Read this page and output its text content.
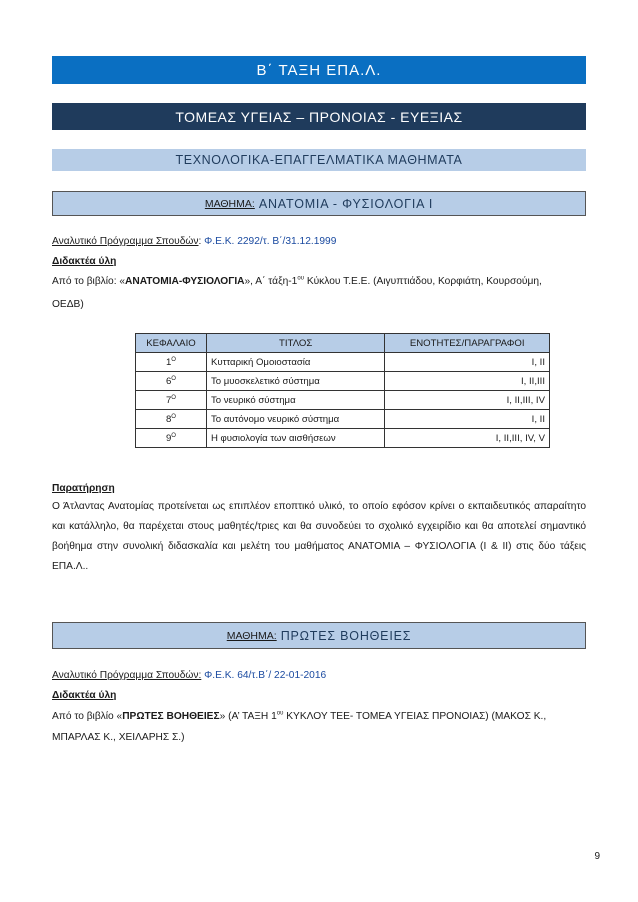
Β΄ ΤΑΞΗ ΕΠΑ.Λ.
ΤΟΜΕΑΣ ΥΓΕΙΑΣ – ΠΡΟΝΟΙΑΣ - ΕΥΕΞΙΑΣ
ΤΕΧΝΟΛΟΓΙΚΑ-ΕΠΑΓΓΕΛΜΑΤΙΚΑ ΜΑΘΗΜΑΤΑ
ΜΑΘΗΜΑ: ΑΝΑΤΟΜΙΑ - ΦΥΣΙΟΛΟΓΙΑ Ι
Αναλυτικό Πρόγραμμα Σπουδών: Φ.Ε.Κ. 2292/τ. Β΄/31.12.1999
Διδακτέα ύλη
Από το βιβλίο: «ΑΝΑΤΟΜΙΑ-ΦΥΣΙΟΛΟΓΙΑ», Α΄ τάξη-$1^{o\upsilon}$ Κύκλου Τ.Ε.Ε. (Αιγυπτιάδου, Κορφιάτη, Κουρσούμη,
ΟΕΔΒ)
ΚΕΦΑΛΑΙΟ	ΤΙΤΛΟΣ	ΕΝΟΤΗΤΕΣ/ΠΑΡΑΓΡΑΦΟΙ
$1^O$	Κυτταρική Ομοιοστασία	Ι, ΙΙ
$6^O$	Το μυοσκελετικό σύστημα	Ι, ΙΙ,ΙΙΙ
$7^O$	Το νευρικό σύστημα	Ι, ΙΙ,ΙΙΙ, ΙV
$8^O$	Το αυτόνομο νευρικό σύστημα	Ι, ΙΙ
$9^O$	Η φυσιολογία των αισθήσεων	Ι, ΙΙ,ΙΙΙ, ΙV, V
Παρατήρηση

Ο Άτλαντας Ανατομίας προτείνεται ως επιπλέον εποπτικό υλικό, το οποίο εφόσον κρίνει ο εκπαιδευτικός απαραίτητο και κατάλληλο, θα παρέχεται στους μαθητές/τριες και θα συνοδεύει το σχολικό εγχειρίδιο και θα αποτελεί σημαντικό βοήθημα στην συνολική διδασκαλία και μελέτη του μαθήματος ΑΝΑΤΟΜΙΑ – ΦΥΣΙΟΛΟΓΙΑ (Ι & ΙΙ) στις δύο τάξεις ΕΠΑ.Λ..

ΜΑΘΗΜΑ: ΠΡΩΤΕΣ ΒΟΗΘΕΙΕΣ
Αναλυτικό Πρόγραμμα Σπουδών: Φ.Ε.Κ. 64/τ.Β΄/ 22-01-2016
Διδακτέα ύλη
Από το βιβλίο «ΠΡΩΤΕΣ ΒΟΗΘΕΙΕΣ» (Α’ ΤΑΞΗ $1^{o\upsilon}$ ΚΥΚΛΟΥ ΤΕΕ- ΤΟΜΕΑ ΥΓΕΙΑΣ ΠΡΟΝΟΙΑΣ) (ΜΑΚΟΣ Κ.,
ΜΠΑΡΛΑΣ Κ., ΧΕΙΛΑΡΗΣ Σ.)
9
